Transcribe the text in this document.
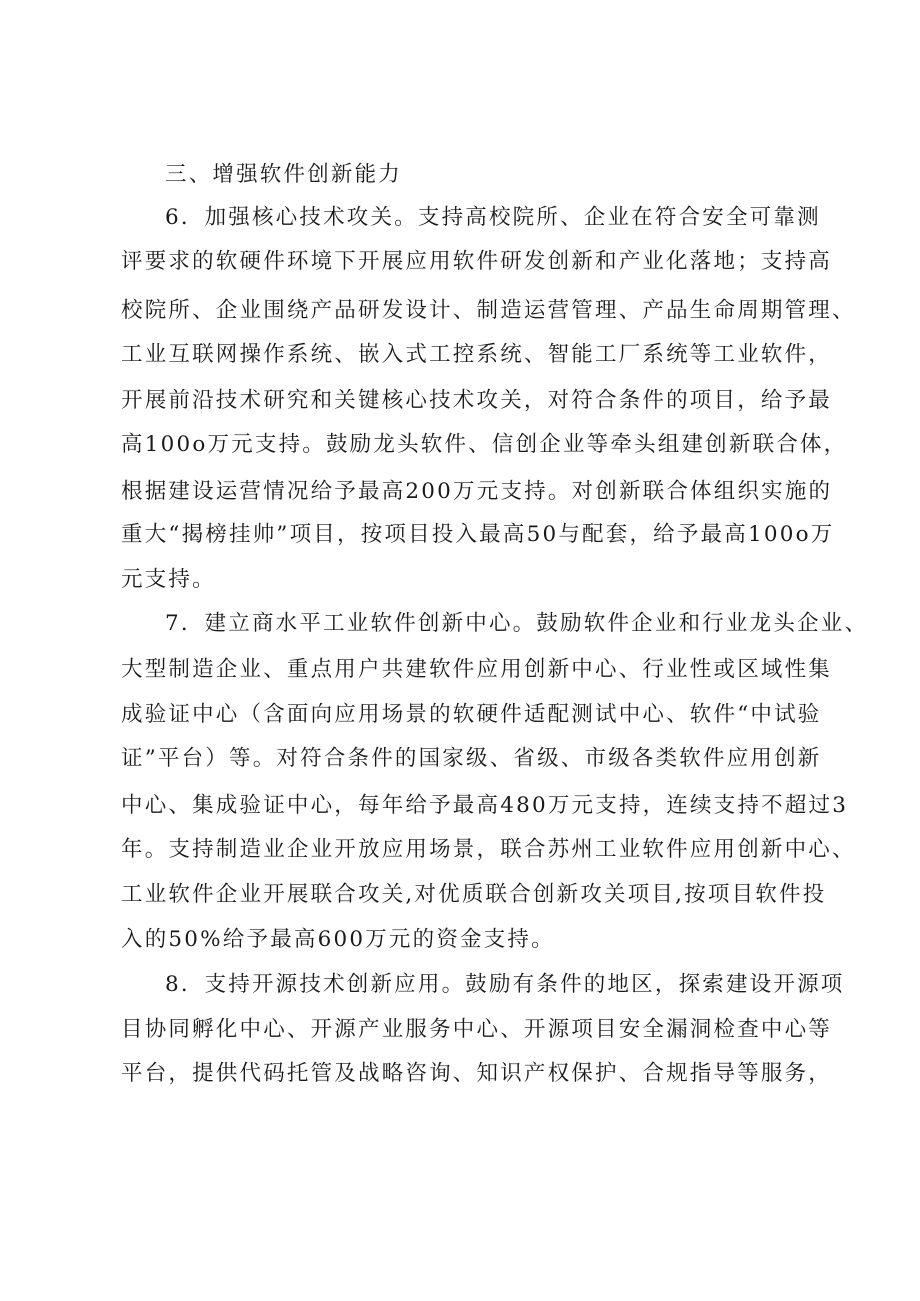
三、增强软件创新能力
6．加强核心技术攻关。支持高校院所、企业在符合安全可靠测
评要求的软硬件环境下开展应用软件研发创新和产业化落地；支持高
校院所、企业围绕产品研发设计、制造运营管理、产品生命周期管理、
工业互联网操作系统、嵌入式工控系统、智能工厂系统等工业软件，
开展前沿技术研究和关键核心技术攻关，对符合条件的项目，给予最
高100o万元支持。鼓励龙头软件、信创企业等牵头组建创新联合体，
根据建设运营情况给予最高200万元支持。对创新联合体组织实施的
重大“揭榜挂帅”项目，按项目投入最高50与配套，给予最高100o万
元支持。
7．建立商水平工业软件创新中心。鼓励软件企业和行业龙头企业、
大型制造企业、重点用户共建软件应用创新中心、行业性或区域性集
成验证中心（含面向应用场景的软硬件适配测试中心、软件“中试验
证”平台）等。对符合条件的国家级、省级、市级各类软件应用创新
中心、集成验证中心，每年给予最高480万元支持，连续支持不超过3
年。支持制造业企业开放应用场景，联合苏州工业软件应用创新中心、
工业软件企业开展联合攻关,对优质联合创新攻关项目,按项目软件投
入的50%给予最高600万元的资金支持。
8．支持开源技术创新应用。鼓励有条件的地区，探索建设开源项
目协同孵化中心、开源产业服务中心、开源项目安全漏洞检查中心等
平台，提供代码托管及战略咨询、知识产权保护、合规指导等服务，
